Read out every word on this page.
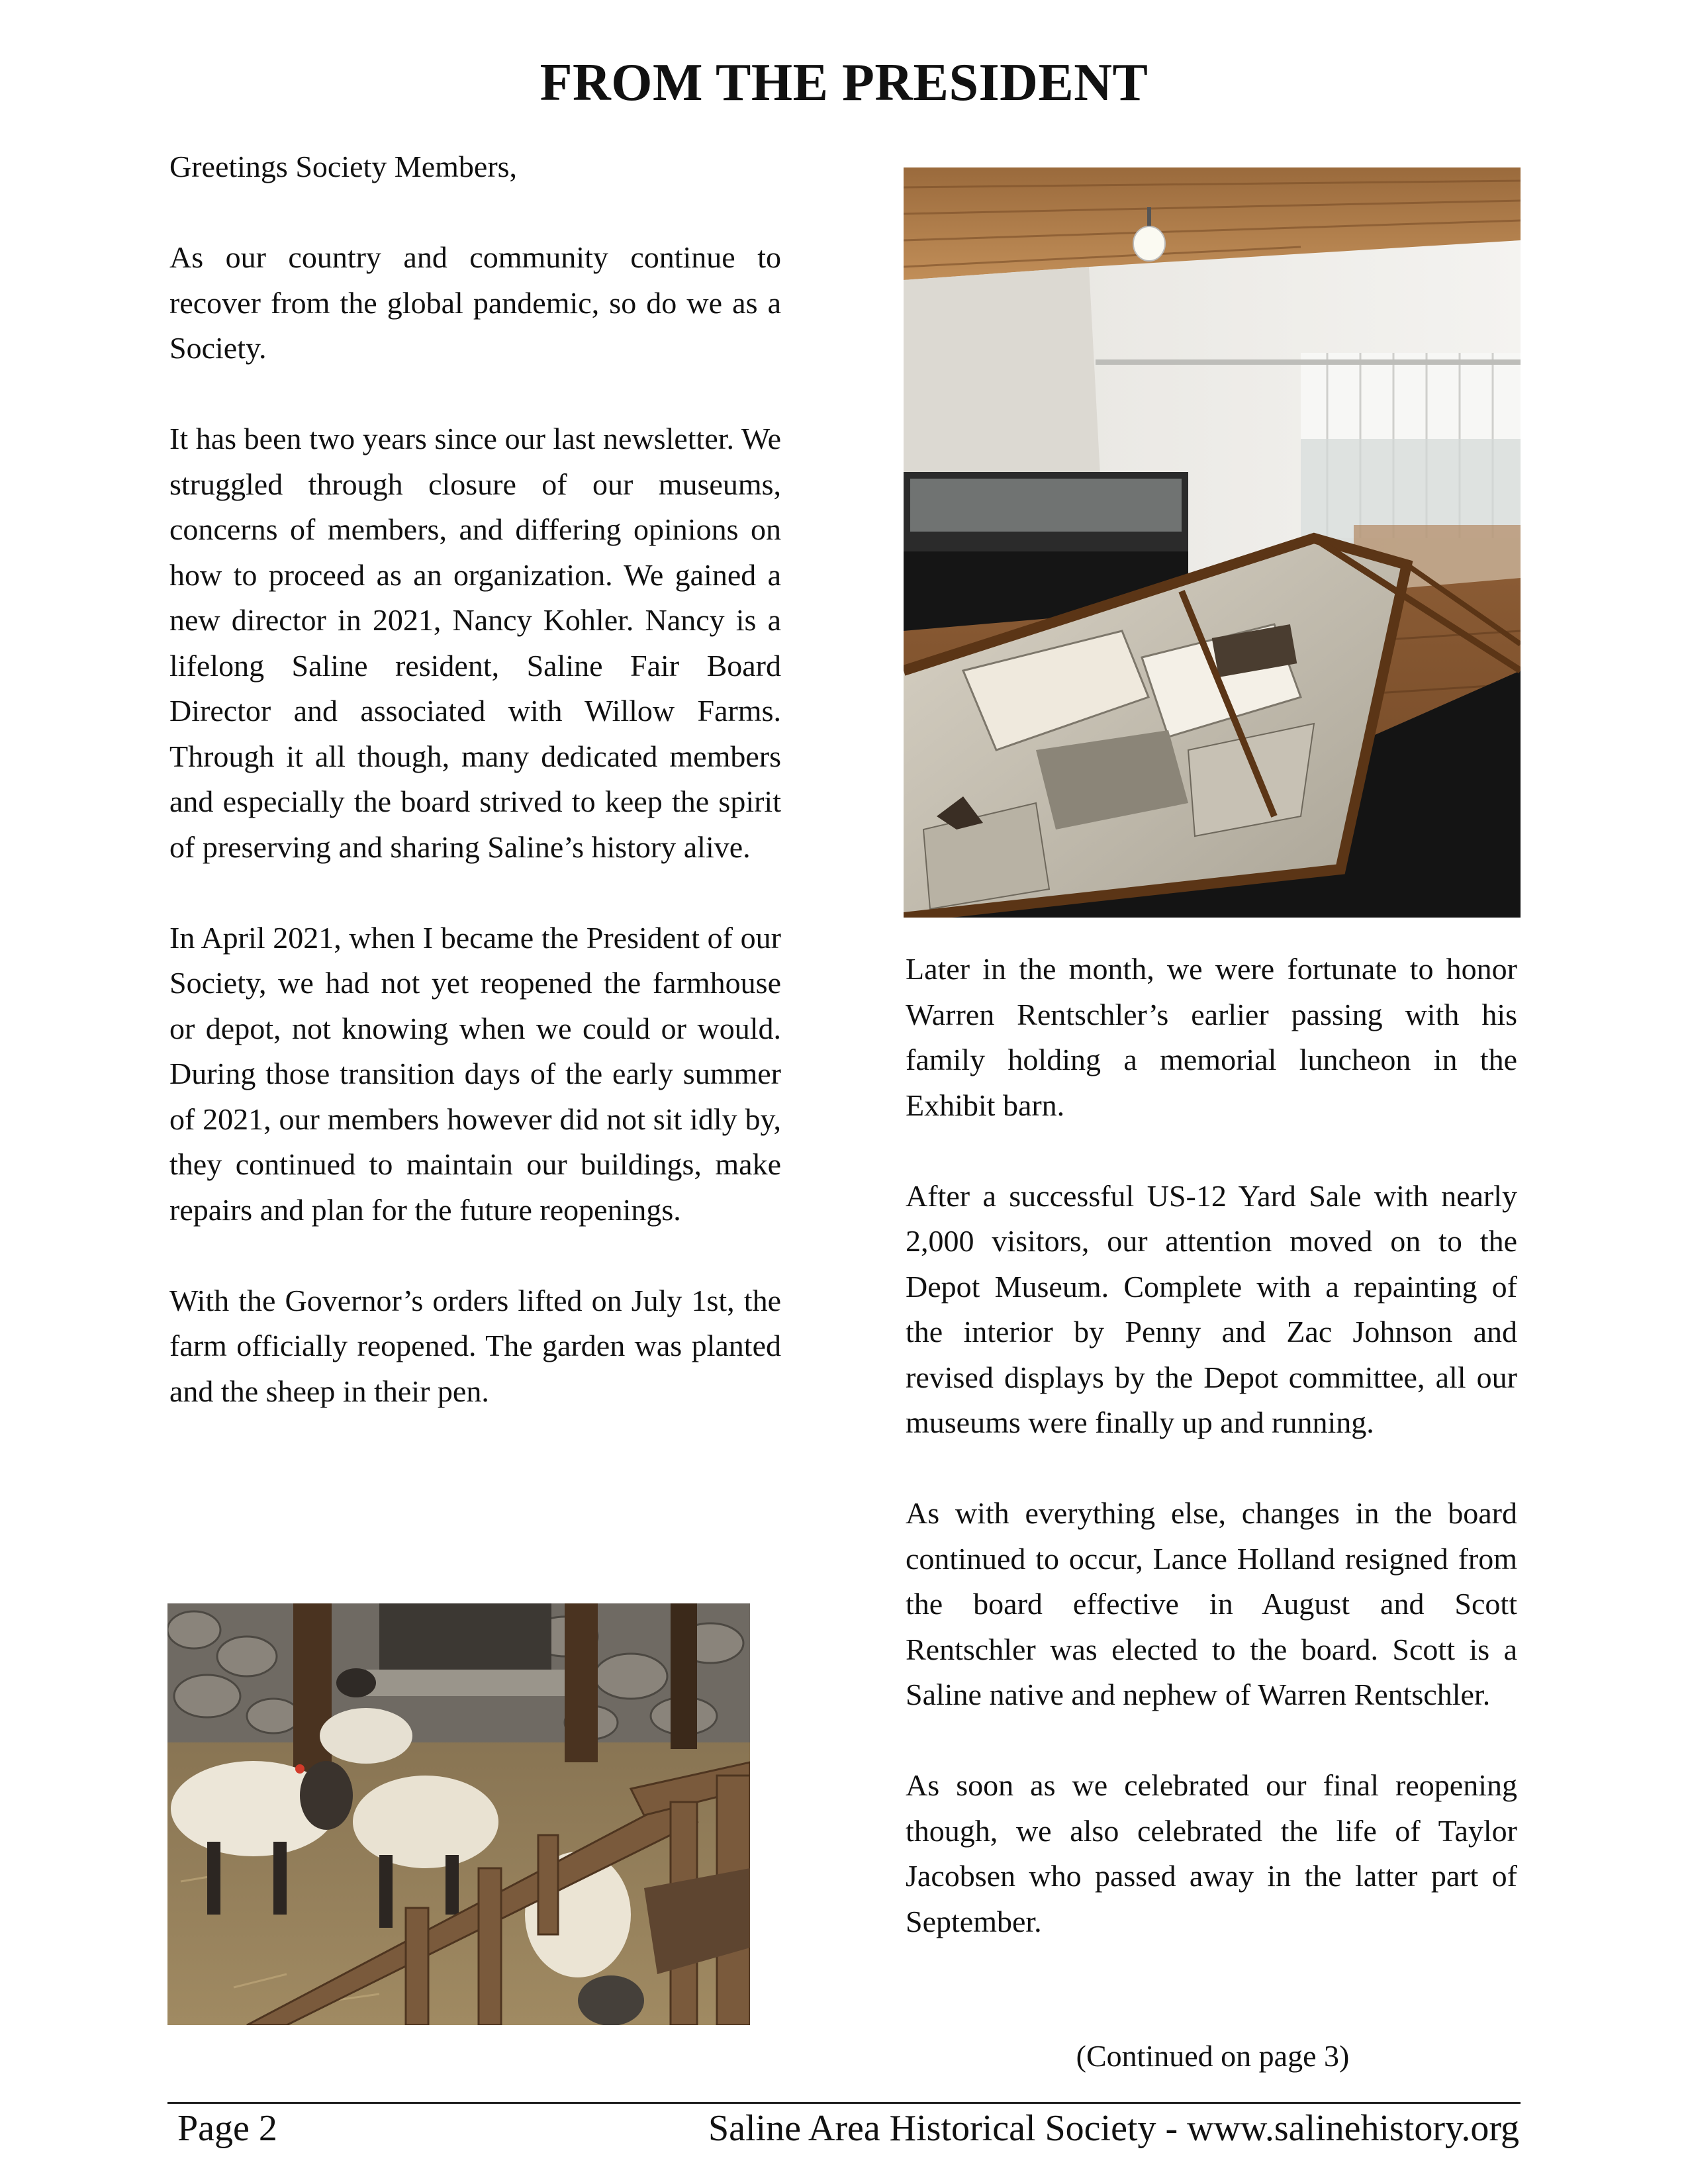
FROM THE PRESIDENT

Greetings Society Members,

As our country and community continue to recover from the global pandemic, so do we as a Society.

It has been two years since our last newsletter. We struggled through closure of our museums, concerns of members, and differing opinions on how to proceed as an organization. We gained a new director in 2021, Nancy Kohler. Nancy is a lifelong Saline resident, Saline Fair Board Director and associated with Willow Farms. Through it all though, many dedicated members and especially the board strived to keep the spirit of preserving and sharing Saline’s history alive.

In April 2021, when I became the President of our Society, we had not yet reopened the farmhouse or depot, not knowing when we could or would. During those transition days of the early summer of 2021, our members however did not sit idly by, they continued to maintain our buildings, make repairs and plan for the future reopenings.

With the Governor’s orders lifted on July 1st, the farm officially reopened. The garden was planted and the sheep in their pen.

Later in the month, we were fortunate to honor Warren Rentschler’s earlier passing with his family holding a memorial luncheon in the Exhibit barn.

After a successful US-12 Yard Sale with nearly 2,000 visitors, our attention moved on to the Depot Museum. Complete with a repainting of the interior by Penny and Zac Johnson and revised displays by the Depot committee, all our museums were finally up and running.

As with everything else, changes in the board continued to occur, Lance Holland resigned from the board effective in August and Scott Rentschler was elected to the board. Scott is a Saline native and nephew of Warren Rentschler.

As soon as we celebrated our final reopening though, we also celebrated the life of Taylor Jacobsen who passed away in the latter part of September.

(Continued on page 3)
Page 2	Saline Area Historical Society - www.salinehistory.org
